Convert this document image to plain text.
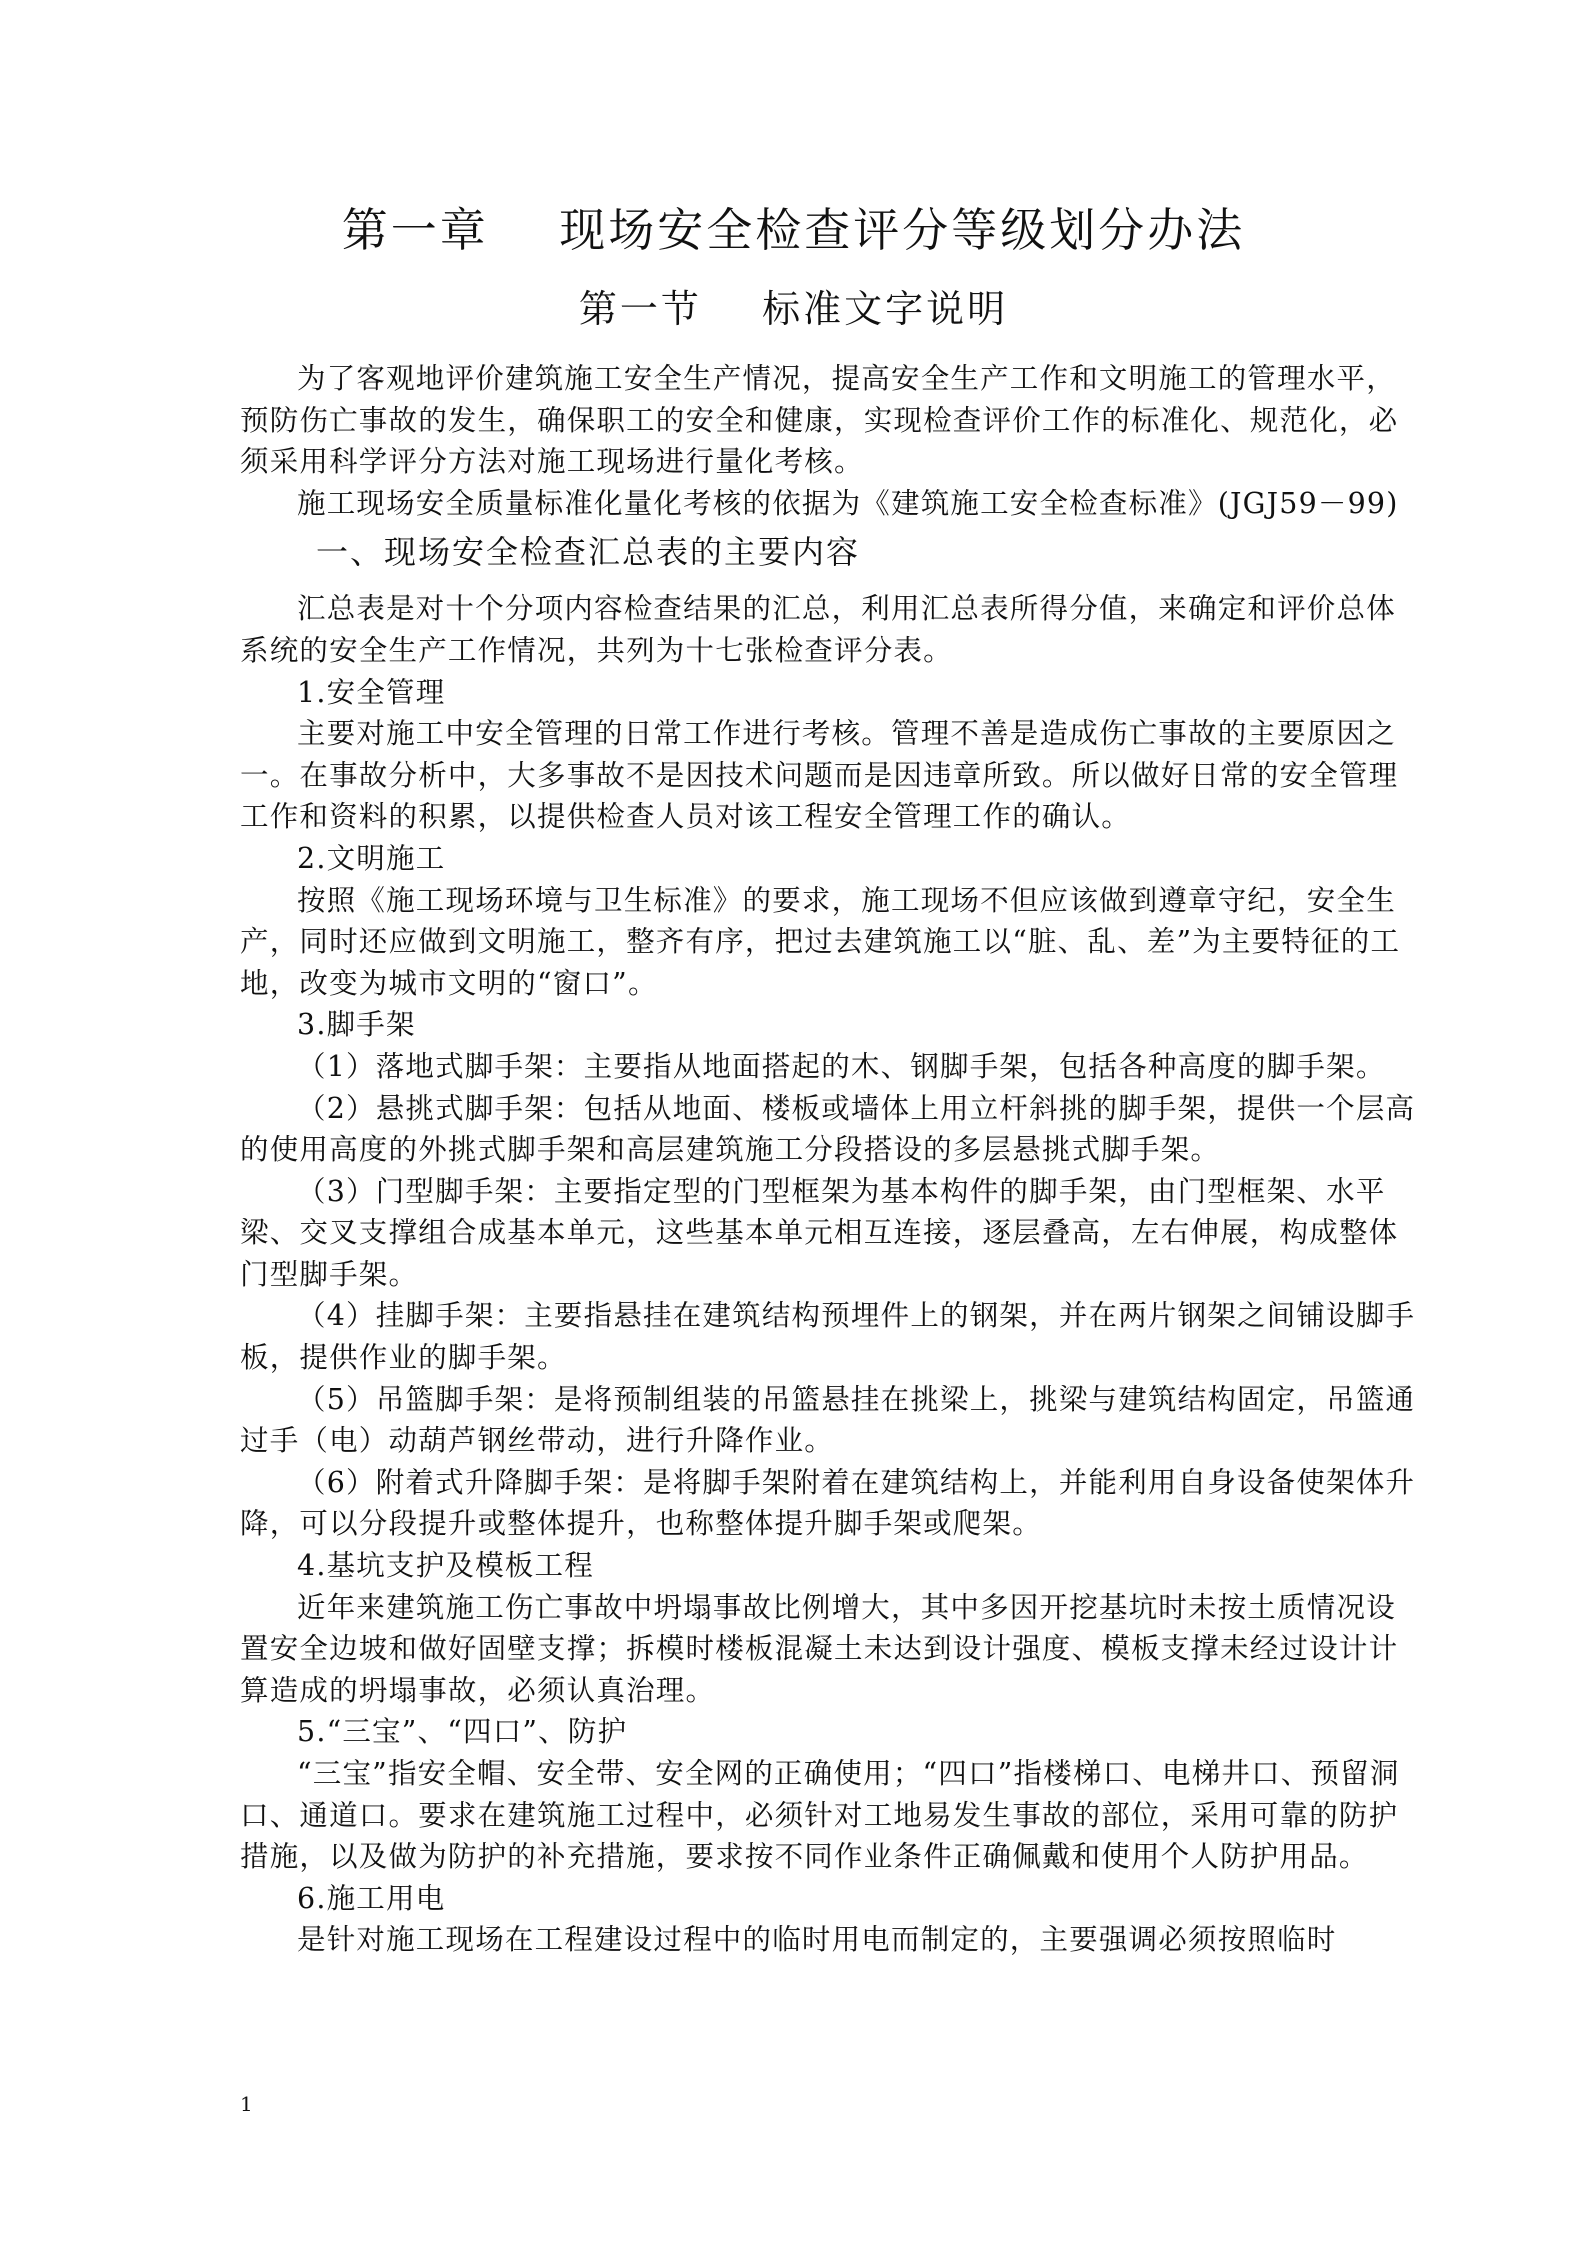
第一章    现场安全检查评分等级划分办法
第一节    标准文字说明

为了客观地评价建筑施工安全生产情况，提高安全生产工作和文明施工的管理水平，预防伤亡事故的发生，确保职工的安全和健康，实现检查评价工作的标准化、规范化，必须采用科学评分方法对施工现场进行量化考核。

施工现场安全质量标准化量化考核的依据为《建筑施工安全检查标准》(JGJ59－99)

一、现场安全检查汇总表的主要内容

汇总表是对十个分项内容检查结果的汇总，利用汇总表所得分值，来确定和评价总体系统的安全生产工作情况，共列为十七张检查评分表。

1.安全管理

主要对施工中安全管理的日常工作进行考核。管理不善是造成伤亡事故的主要原因之一。在事故分析中，大多事故不是因技术问题而是因违章所致。所以做好日常的安全管理工作和资料的积累，以提供检查人员对该工程安全管理工作的确认。

2.文明施工

按照《施工现场环境与卫生标准》的要求，施工现场不但应该做到遵章守纪，安全生产，同时还应做到文明施工，整齐有序，把过去建筑施工以“脏、乱、差”为主要特征的工地，改变为城市文明的“窗口”。

3.脚手架

（1）落地式脚手架：主要指从地面搭起的木、钢脚手架，包括各种高度的脚手架。

（2）悬挑式脚手架：包括从地面、楼板或墙体上用立杆斜挑的脚手架，提供一个层高的使用高度的外挑式脚手架和高层建筑施工分段搭设的多层悬挑式脚手架。

（3）门型脚手架：主要指定型的门型框架为基本构件的脚手架，由门型框架、水平梁、交叉支撑组合成基本单元，这些基本单元相互连接，逐层叠高，左右伸展，构成整体门型脚手架。

（4）挂脚手架：主要指悬挂在建筑结构预埋件上的钢架，并在两片钢架之间铺设脚手板，提供作业的脚手架。

（5）吊篮脚手架：是将预制组装的吊篮悬挂在挑梁上，挑梁与建筑结构固定，吊篮通过手（电）动葫芦钢丝带动，进行升降作业。

（6）附着式升降脚手架：是将脚手架附着在建筑结构上，并能利用自身设备使架体升降，可以分段提升或整体提升，也称整体提升脚手架或爬架。

4.基坑支护及模板工程

近年来建筑施工伤亡事故中坍塌事故比例增大，其中多因开挖基坑时未按土质情况设置安全边坡和做好固壁支撑；拆模时楼板混凝土未达到设计强度、模板支撑未经过设计计算造成的坍塌事故，必须认真治理。

5.“三宝”、“四口”、防护

“三宝”指安全帽、安全带、安全网的正确使用；“四口”指楼梯口、电梯井口、预留洞口、通道口。要求在建筑施工过程中，必须针对工地易发生事故的部位，采用可靠的防护措施，以及做为防护的补充措施，要求按不同作业条件正确佩戴和使用个人防护用品。

6.施工用电

是针对施工现场在工程建设过程中的临时用电而制定的，主要强调必须按照临时

1
